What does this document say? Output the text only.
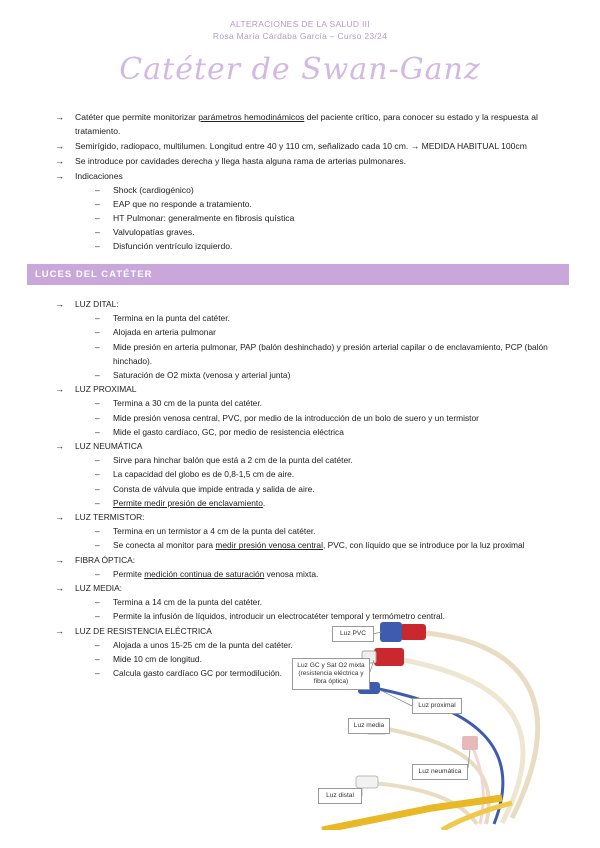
ALTERACIONES DE LA SALUD III
Rosa María Cárdaba García – Curso 23/24
Catéter de Swan-Ganz
→ Catéter que permite monitorizar parámetros hemodinámicos del paciente crítico, para conocer su estado y la respuesta al tratamiento.
→ Semirígido, radiopaco, multilumen. Longitud entre 40 y 110 cm, señalizado cada 10 cm. → MEDIDA HABITUAL 100cm
→ Se introduce por cavidades derecha y llega hasta alguna rama de arterias pulmonares.
→ Indicaciones
– Shock (cardiogénico)
– EAP que no responde a tratamiento.
– HT Pulmonar: generalmente en fibrosis quística
– Valvulopatías graves.
– Disfunción ventrículo izquierdo.
LUCES DEL CATÉTER
→ LUZ DITAL:
– Termina en la punta del catéter.
– Alojada en arteria pulmonar
– Mide presión en arteria pulmonar, PAP (balón deshinchado) y presión arterial capilar o de enclavamiento, PCP (balón hinchado).
– Saturación de O2 mixta (venosa y arterial junta)
→ LUZ PROXIMAL
– Termina a 30 cm de la punta del catéter.
– Mide presión venosa central, PVC, por medio de la introducción de un bolo de suero y un termistor
– Mide el gasto cardíaco, GC, por medio de resistencia eléctrica
→ LUZ NEUMÁTICA
– Sirve para hinchar balón que está a 2 cm de la punta del catéter.
– La capacidad del globo es de 0,8-1,5 cm de aire.
– Consta de válvula que impide entrada y salida de aire.
– Permite medir presión de enclavamiento.
→ LUZ TERMISTOR:
– Termina en un termistor a 4 cm de la punta del catéter.
– Se conecta al monitor para medir presión venosa central, PVC, con líquido que se introduce por la luz proximal
→ FIBRA ÓPTICA:
– Permite medición continua de saturación venosa mixta.
→ LUZ MEDIA:
– Termina a 14 cm de la punta del catéter.
– Permite la infusión de líquidos, introducir un electrocatéter temporal y termómetro central.
→ LUZ DE RESISTENCIA ELÉCTRICA
– Alojada a unos 15-25 cm de la punta del catéter.
– Mide 10 cm de longitud.
– Calcula gasto cardíaco GC por termodilución.
Luz PVC
Luz GC y Sat O2 mixta (resistencia eléctrica y fibra óptica)
Luz proximal
Luz media
Luz neumática
Luz distal
